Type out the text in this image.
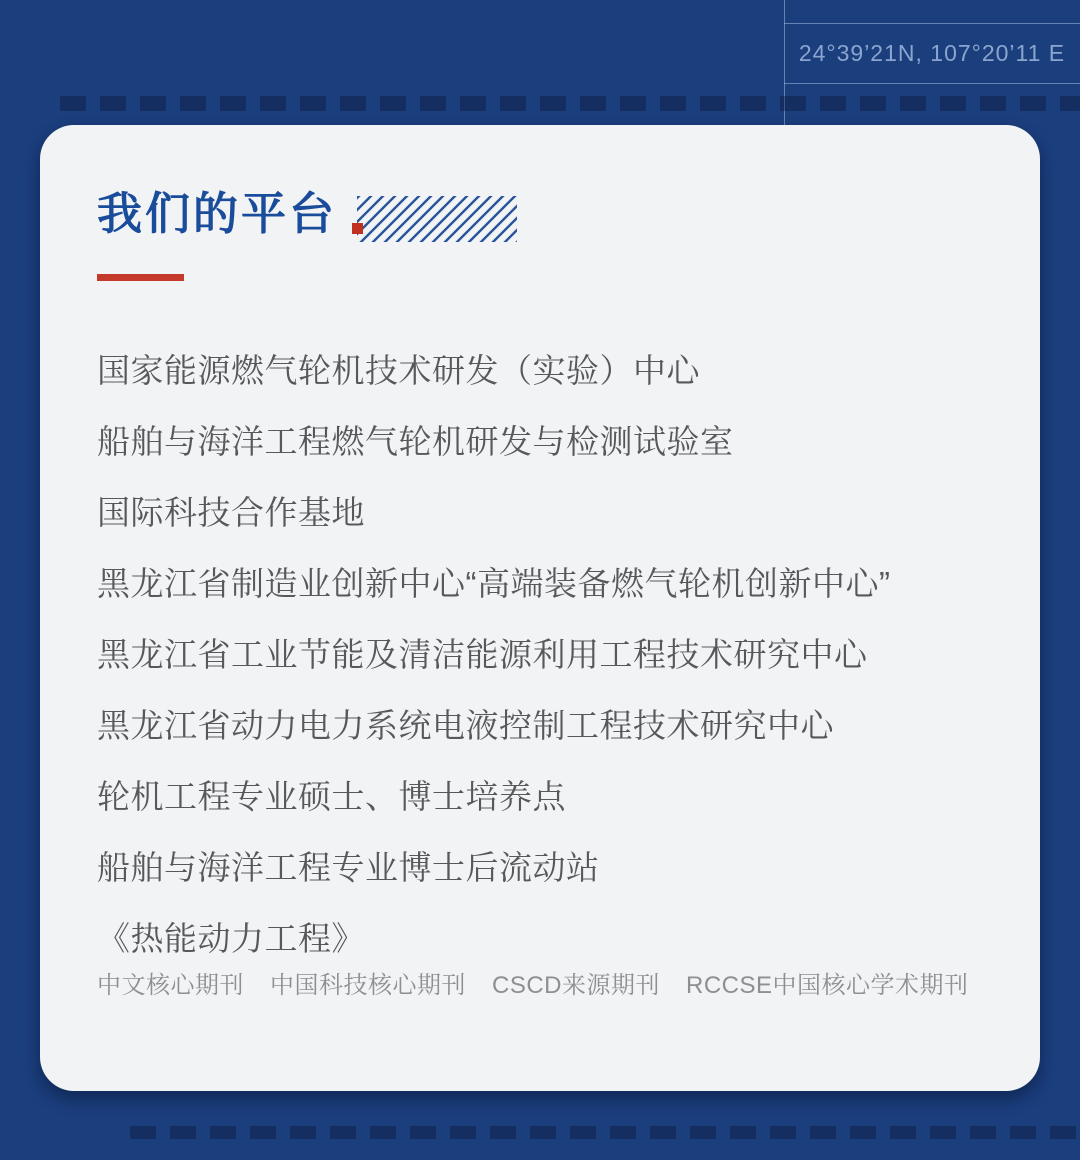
24°39’21N, 107°20’11 E
我们的平台
国家能源燃气轮机技术研发（实验）中心
船舶与海洋工程燃气轮机研发与检测试验室
国际科技合作基地
黑龙江省制造业创新中心“高端装备燃气轮机创新中心”
黑龙江省工业节能及清洁能源利用工程技术研究中心
黑龙江省动力电力系统电液控制工程技术研究中心
轮机工程专业硕士、博士培养点
船舶与海洋工程专业博士后流动站
《热能动力工程》
中文核心期刊 中国科技核心期刊 CSCD来源期刊 RCCSE中国核心学术期刊
